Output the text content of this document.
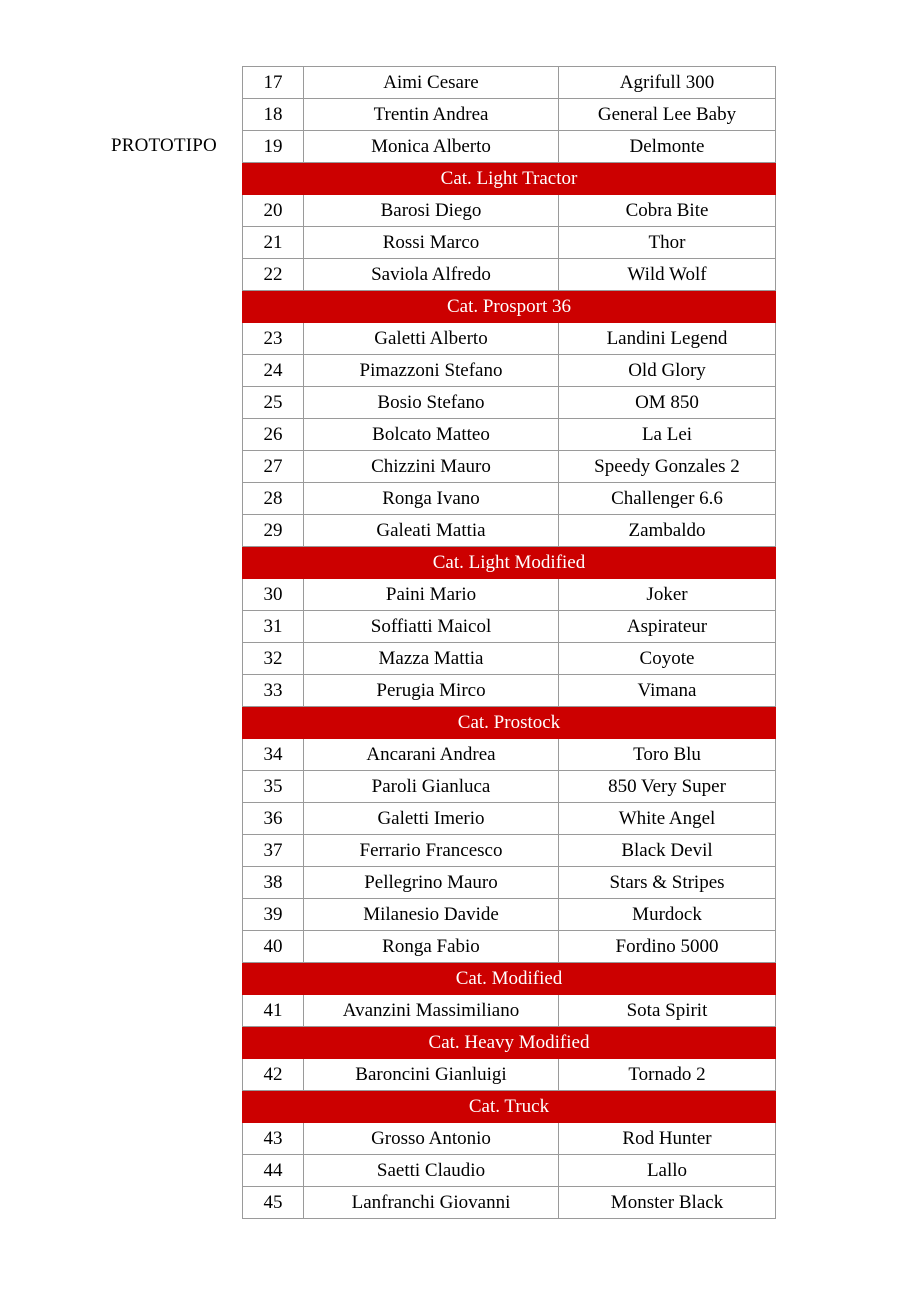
PROTOTIPO
17	Aimi Cesare	Agrifull 300
18	Trentin Andrea	General Lee Baby
19	Monica Alberto	Delmonte
Cat. Light Tractor		
20	Barosi Diego	Cobra Bite
21	Rossi Marco	Thor
22	Saviola Alfredo	Wild Wolf
Cat. Prosport 36		
23	Galetti Alberto	Landini Legend
24	Pimazzoni Stefano	Old Glory
25	Bosio Stefano	OM 850
26	Bolcato Matteo	La Lei
27	Chizzini Mauro	Speedy Gonzales 2
28	Ronga Ivano	Challenger 6.6
29	Galeati Mattia	Zambaldo
Cat. Light Modified		
30	Paini Mario	Joker
31	Soffiatti Maicol	Aspirateur
32	Mazza Mattia	Coyote
33	Perugia Mirco	Vimana
Cat. Prostock		
34	Ancarani Andrea	Toro Blu
35	Paroli Gianluca	850 Very Super
36	Galetti Imerio	White Angel
37	Ferrario Francesco	Black Devil
38	Pellegrino Mauro	Stars & Stripes
39	Milanesio Davide	Murdock
40	Ronga Fabio	Fordino 5000
Cat. Modified		
41	Avanzini Massimiliano	Sota Spirit
Cat. Heavy Modified		
42	Baroncini Gianluigi	Tornado 2
Cat. Truck		
43	Grosso Antonio	Rod Hunter
44	Saetti Claudio	Lallo
45	Lanfranchi Giovanni	Monster Black
